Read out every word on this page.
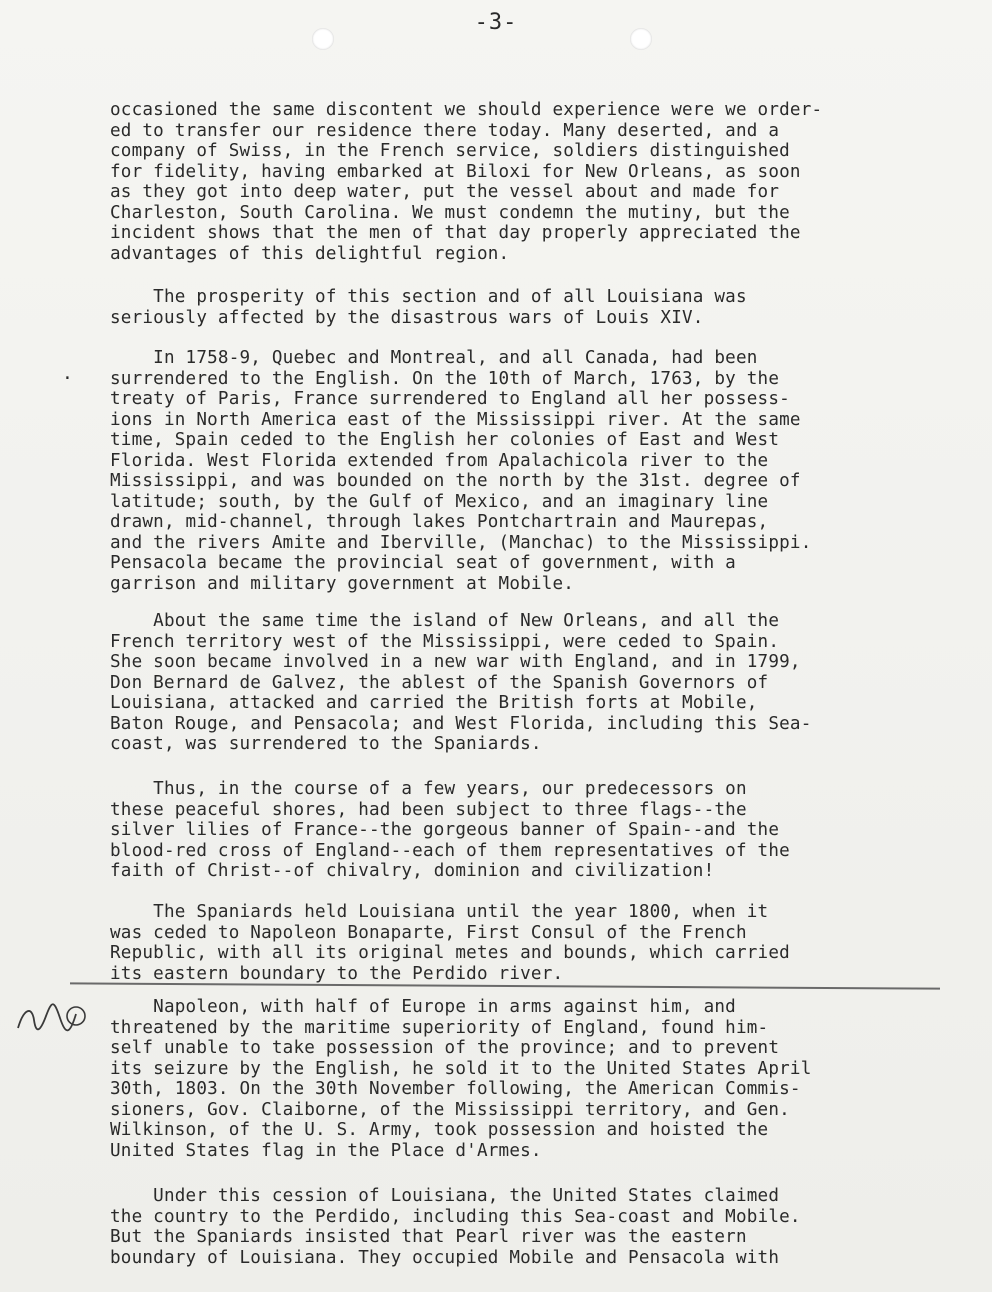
-3-

occasioned the same discontent we should experience were we order-
ed to transfer our residence there today. Many deserted, and a
company of Swiss, in the French service, soldiers distinguished
for fidelity, having embarked at Biloxi for New Orleans, as soon
as they got into deep water, put the vessel about and made for
Charleston, South Carolina. We must condemn the mutiny, but the
incident shows that the men of that day properly appreciated the
advantages of this delightful region.

The prosperity of this section and of all Louisiana was
seriously affected by the disastrous wars of Louis XIV.

In 1758-9, Quebec and Montreal, and all Canada, had been
surrendered to the English. On the 10th of March, 1763, by the
treaty of Paris, France surrendered to England all her possess-
ions in North America east of the Mississippi river. At the same
time, Spain ceded to the English her colonies of East and West
Florida. West Florida extended from Apalachicola river to the
Mississippi, and was bounded on the north by the 31st. degree of
latitude; south, by the Gulf of Mexico, and an imaginary line
drawn, mid-channel, through lakes Pontchartrain and Maurepas,
and the rivers Amite and Iberville, (Manchac) to the Mississippi.
Pensacola became the provincial seat of government, with a
garrison and military government at Mobile.

About the same time the island of New Orleans, and all the
French territory west of the Mississippi, were ceded to Spain.
She soon became involved in a new war with England, and in 1799,
Don Bernard de Galvez, the ablest of the Spanish Governors of
Louisiana, attacked and carried the British forts at Mobile,
Baton Rouge, and Pensacola; and West Florida, including this Sea-
coast, was surrendered to the Spaniards.

Thus, in the course of a few years, our predecessors on
these peaceful shores, had been subject to three flags--the
silver lilies of France--the gorgeous banner of Spain--and the
blood-red cross of England--each of them representatives of the
faith of Christ--of chivalry, dominion and civilization!

The Spaniards held Louisiana until the year 1800, when it
was ceded to Napoleon Bonaparte, First Consul of the French
Republic, with all its original metes and bounds, which carried
its eastern boundary to the Perdido river.

Napoleon, with half of Europe in arms against him, and
threatened by the maritime superiority of England, found him-
self unable to take possession of the province; and to prevent
its seizure by the English, he sold it to the United States April
30th, 1803. On the 30th November following, the American Commis-
sioners, Gov. Claiborne, of the Mississippi territory, and Gen.
Wilkinson, of the U. S. Army, took possession and hoisted the
United States flag in the Place d'Armes.

Under this cession of Louisiana, the United States claimed
the country to the Perdido, including this Sea-coast and Mobile.
But the Spaniards insisted that Pearl river was the eastern
boundary of Louisiana. They occupied Mobile and Pensacola with

·
